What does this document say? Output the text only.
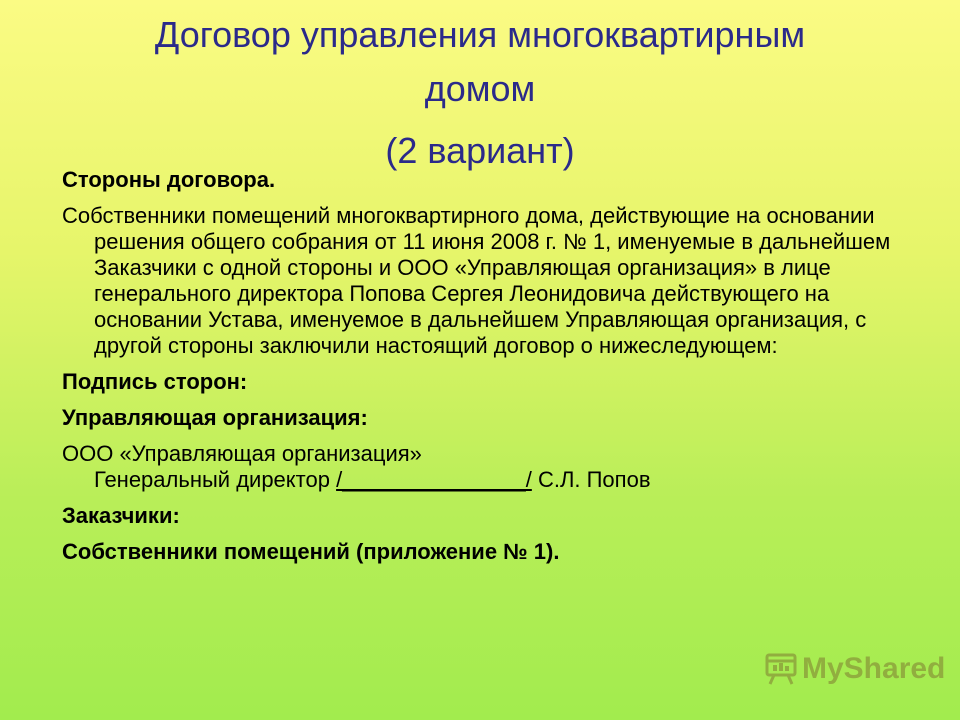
Договор управления многоквартирным
домом
(2 вариант)

Стороны договора.

Собственники помещений многоквартирного дома, действующие на основании решения общего собрания от 11 июня 2008 г. № 1, именуемые в дальнейшем Заказчики с одной стороны и ООО «Управляющая организация» в лице генерального директора Попова Сергея Леонидовича действующего на основании Устава, именуемое в дальнейшем Управляющая организация, с другой стороны заключили настоящий договор о нижеследующем:

Подпись сторон:

Управляющая организация:

ООО «Управляющая организация»
Генеральный директор /_______________/ С.Л. Попов

Заказчики:

Собственники помещений (приложение № 1).

MyShared
